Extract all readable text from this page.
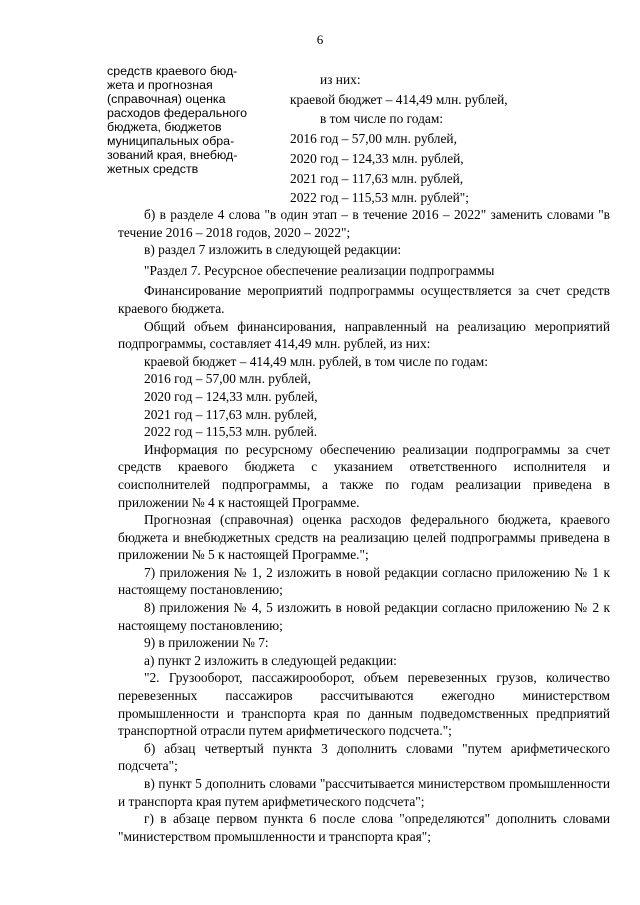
6
средств краевого бюд-
жета и прогнозная
(справочная) оценка
расходов федерального
бюджета, бюджетов
муниципальных обра-
зований края, внебюд-
жетных средств
из них:
краевой бюджет – 414,49 млн. рублей,
в том числе по годам:
2016 год – 57,00 млн. рублей,
2020 год – 124,33 млн. рублей,
2021 год – 117,63 млн. рублей,
2022 год – 115,53 млн. рублей";

б) в разделе 4 слова "в один этап – в течение 2016 – 2022" заменить словами "в течение 2016 – 2018 годов, 2020 – 2022";

в) раздел 7 изложить в следующей редакции:

"Раздел 7. Ресурсное обеспечение реализации подпрограммы

Финансирование мероприятий подпрограммы осуществляется за счет средств краевого бюджета.

Общий объем финансирования, направленный на реализацию мероприятий подпрограммы, составляет 414,49 млн. рублей, из них:

краевой бюджет – 414,49 млн. рублей, в том числе по годам:

2016 год – 57,00 млн. рублей,

2020 год – 124,33 млн. рублей,

2021 год – 117,63 млн. рублей,

2022 год – 115,53 млн. рублей.

Информация по ресурсному обеспечению реализации подпрограммы за счет средств краевого бюджета с указанием ответственного исполнителя и соисполнителей подпрограммы, а также по годам реализации приведена в приложении № 4 к настоящей Программе.

Прогнозная (справочная) оценка расходов федерального бюджета, краевого бюджета и внебюджетных средств на реализацию целей подпрограммы приведена в приложении № 5 к настоящей Программе.";

7) приложения № 1, 2 изложить в новой редакции согласно приложению № 1 к настоящему постановлению;

8) приложения № 4, 5 изложить в новой редакции согласно приложению № 2 к настоящему постановлению;

9) в приложении № 7:

а) пункт 2 изложить в следующей редакции:

"2. Грузооборот, пассажирооборот, объем перевезенных грузов, количество перевезенных пассажиров рассчитываются ежегодно министерством промышленности и транспорта края по данным подведомственных предприятий транспортной отрасли путем арифметического подсчета.";

б) абзац четвертый пункта 3 дополнить словами "путем арифметического подсчета";

в) пункт 5 дополнить словами "рассчитывается министерством промышленности и транспорта края путем арифметического подсчета";

г) в абзаце первом пункта 6 после слова "определяются" дополнить словами "министерством промышленности и транспорта края";
